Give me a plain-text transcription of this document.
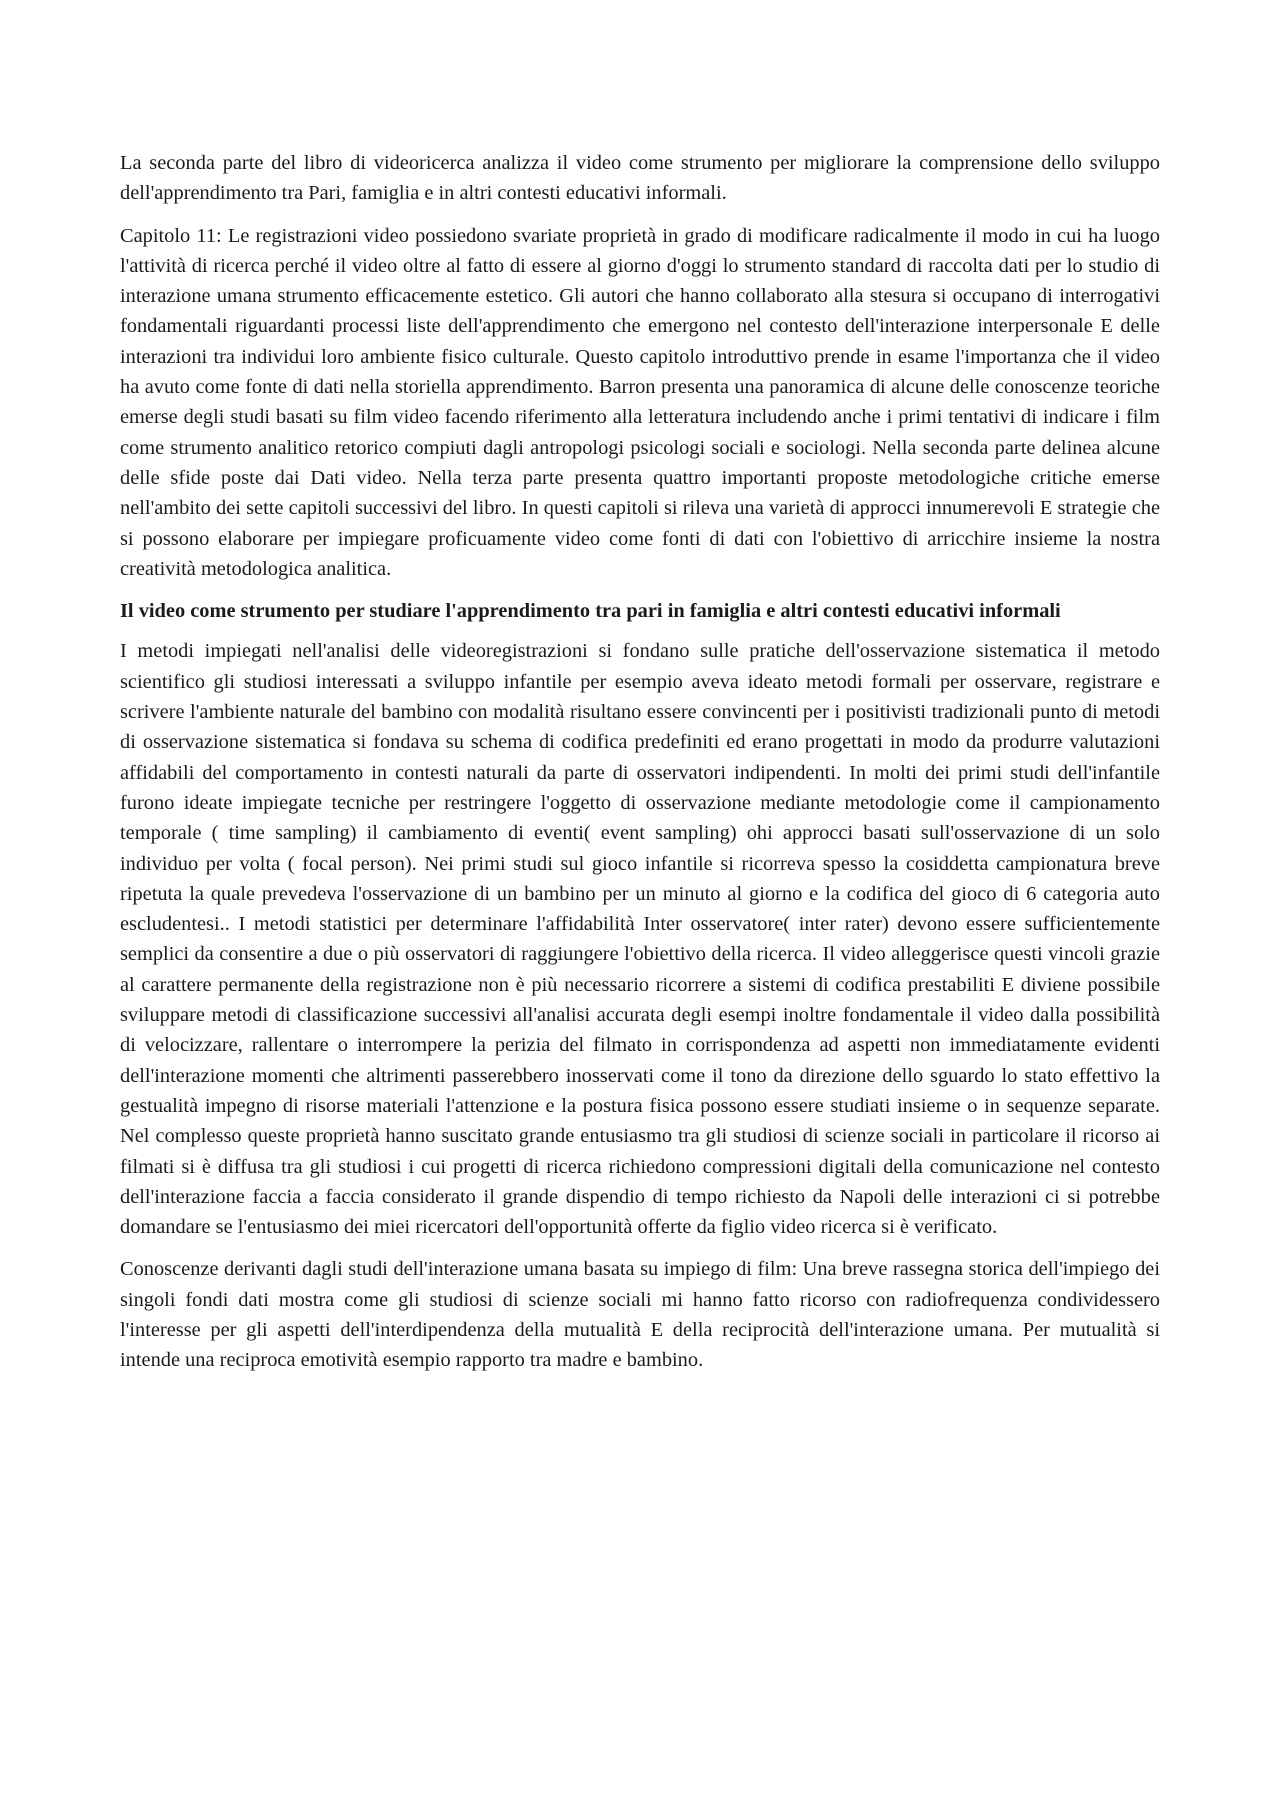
La seconda parte del libro di videoricerca analizza il video come strumento per migliorare la comprensione dello sviluppo dell'apprendimento tra Pari, famiglia e in altri contesti educativi informali.

Capitolo 11: Le registrazioni video possiedono svariate proprietà in grado di modificare radicalmente il modo in cui ha luogo l'attività di ricerca perché il video oltre al fatto di essere al giorno d'oggi lo strumento standard di raccolta dati per lo studio di interazione umana strumento efficacemente estetico. Gli autori che hanno collaborato alla stesura si occupano di interrogativi fondamentali riguardanti processi liste dell'apprendimento che emergono nel contesto dell'interazione interpersonale E delle interazioni tra individui loro ambiente fisico culturale. Questo capitolo introduttivo prende in esame l'importanza che il video ha avuto come fonte di dati nella storiella apprendimento. Barron presenta una panoramica di alcune delle conoscenze teoriche emerse degli studi basati su film video facendo riferimento alla letteratura includendo anche i primi tentativi di indicare i film come strumento analitico retorico compiuti dagli antropologi psicologi sociali e sociologi. Nella seconda parte delinea alcune delle sfide poste dai Dati video. Nella terza parte presenta quattro importanti proposte metodologiche critiche emerse nell'ambito dei sette capitoli successivi del libro. In questi capitoli si rileva una varietà di approcci innumerevoli E strategie che si possono elaborare per impiegare proficuamente video come fonti di dati con l'obiettivo di arricchire insieme la nostra creatività metodologica analitica.

Il video come strumento per studiare l'apprendimento tra pari in famiglia e altri contesti educativi informali

I metodi impiegati nell'analisi delle videoregistrazioni si fondano sulle pratiche dell'osservazione sistematica il metodo scientifico gli studiosi interessati a sviluppo infantile per esempio aveva ideato metodi formali per osservare, registrare e scrivere l'ambiente naturale del bambino con modalità risultano essere convincenti per i positivisti tradizionali punto di metodi di osservazione sistematica si fondava su schema di codifica predefiniti ed erano progettati in modo da produrre valutazioni affidabili del comportamento in contesti naturali da parte di osservatori indipendenti. In molti dei primi studi dell'infantile furono ideate impiegate tecniche per restringere l'oggetto di osservazione mediante metodologie come il campionamento temporale ( time sampling) il cambiamento di eventi( event sampling) ohi approcci basati sull'osservazione di un solo individuo per volta ( focal person). Nei primi studi sul gioco infantile si ricorreva spesso la cosiddetta campionatura breve ripetuta la quale prevedeva l'osservazione di un bambino per un minuto al giorno e la codifica del gioco di 6 categoria auto escludentesi.. I metodi statistici per determinare l'affidabilità Inter osservatore( inter rater) devono essere sufficientemente semplici da consentire a due o più osservatori di raggiungere l'obiettivo della ricerca. Il video alleggerisce questi vincoli grazie al carattere permanente della registrazione non è più necessario ricorrere a sistemi di codifica prestabiliti E diviene possibile sviluppare metodi di classificazione successivi all'analisi accurata degli esempi inoltre fondamentale il video dalla possibilità di velocizzare, rallentare o interrompere la perizia del filmato in corrispondenza ad aspetti non immediatamente evidenti dell'interazione momenti che altrimenti passerebbero inosservati come il tono da direzione dello sguardo lo stato effettivo la gestualità impegno di risorse materiali l'attenzione e la postura fisica possono essere studiati insieme o in sequenze separate. Nel complesso queste proprietà hanno suscitato grande entusiasmo tra gli studiosi di scienze sociali in particolare il ricorso ai filmati si è diffusa tra gli studiosi i cui progetti di ricerca richiedono compressioni digitali della comunicazione nel contesto dell'interazione faccia a faccia considerato il grande dispendio di tempo richiesto da Napoli delle interazioni ci si potrebbe domandare se l'entusiasmo dei miei ricercatori dell'opportunità offerte da figlio video ricerca si è verificato.

Conoscenze derivanti dagli studi dell'interazione umana basata su impiego di film: Una breve rassegna storica dell'impiego dei singoli fondi dati mostra come gli studiosi di scienze sociali mi hanno fatto ricorso con radiofrequenza condividessero l'interesse per gli aspetti dell'interdipendenza della mutualità E della reciprocità dell'interazione umana. Per mutualità si intende una reciproca emotività esempio rapporto tra madre e bambino.
